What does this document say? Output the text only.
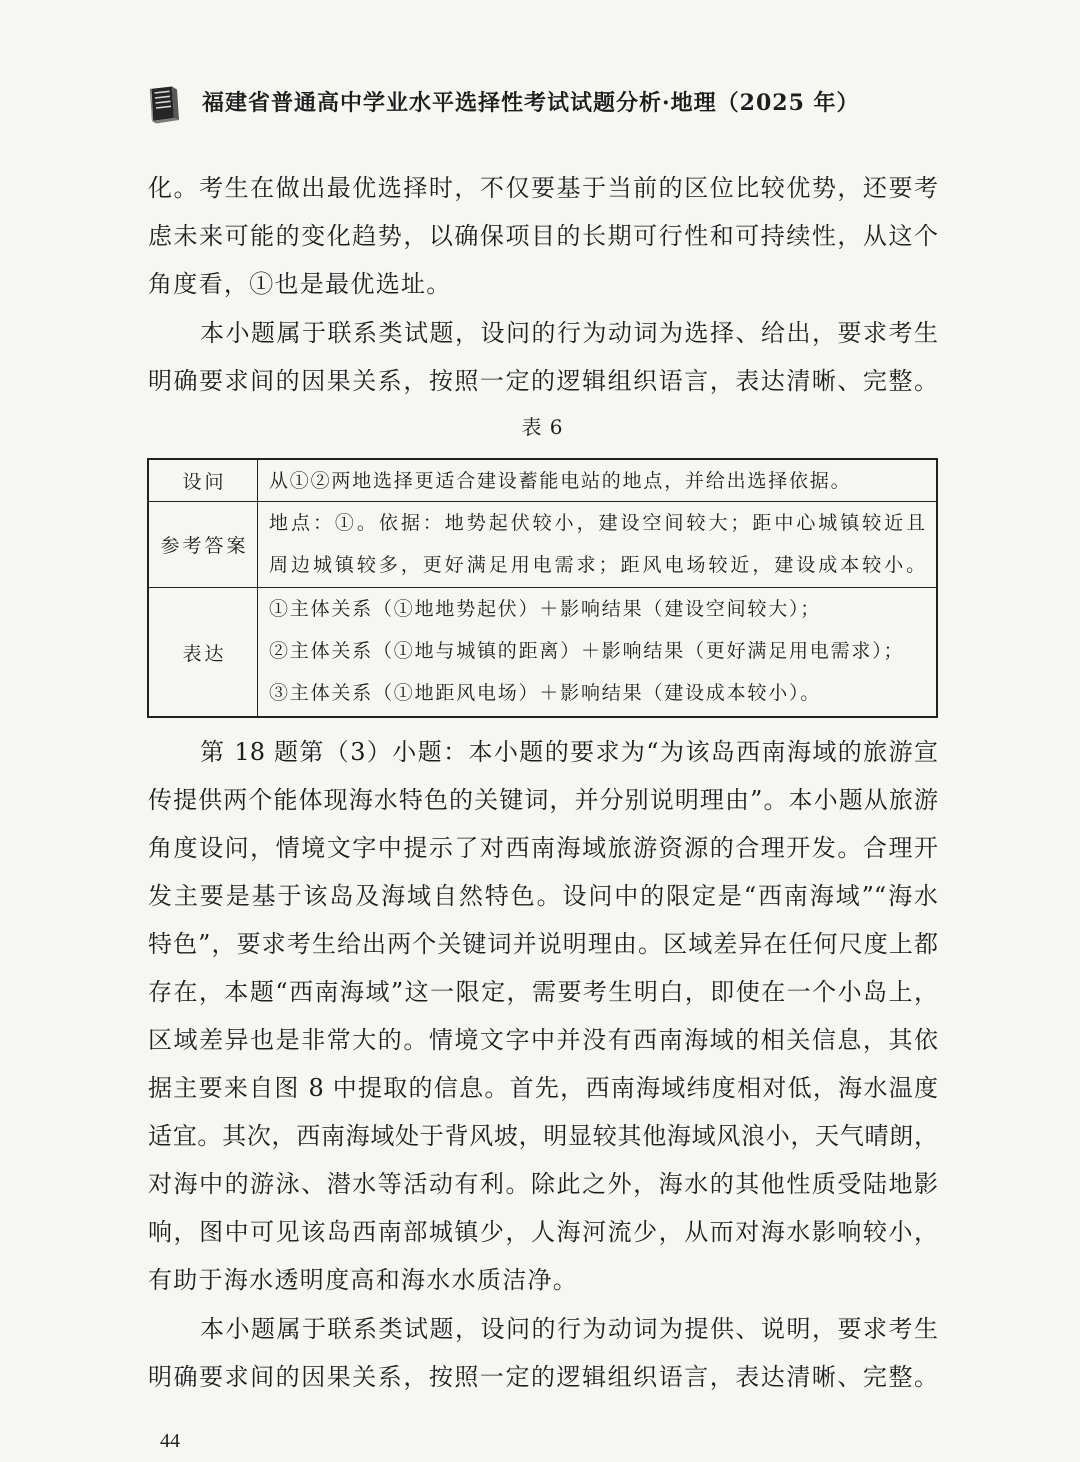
福建省普通高中学业水平选择性考试试题分析·地理（2025 年）
化。考生在做出最优选择时，不仅要基于当前的区位比较优势，还要考
虑未来可能的变化趋势，以确保项目的长期可行性和可持续性，从这个
角度看，①也是最优选址。
本小题属于联系类试题，设问的行为动词为选择、给出，要求考生
明确要求间的因果关系，按照一定的逻辑组织语言，表达清晰、完整。
表 6
设问	从①②两地选择更适合建设蓄能电站的地点，并给出选择依据。
参考答案
地点：①。依据：地势起伏较小，建设空间较大；距中心城镇较近且
周边城镇较多，更好满足用电需求；距风电场较近，建设成本较小。
表达
①主体关系（①地地势起伏）＋影响结果（建设空间较大）；
②主体关系（①地与城镇的距离）＋影响结果（更好满足用电需求）；
③主体关系（①地距风电场）＋影响结果（建设成本较小）。
第 18 题第（3）小题：本小题的要求为“为该岛西南海域的旅游宣
传提供两个能体现海水特色的关键词，并分别说明理由”。本小题从旅游
角度设问，情境文字中提示了对西南海域旅游资源的合理开发。合理开
发主要是基于该岛及海域自然特色。设问中的限定是“西南海域”“海水
特色”，要求考生给出两个关键词并说明理由。区域差异在任何尺度上都
存在，本题“西南海域”这一限定，需要考生明白，即使在一个小岛上，
区域差异也是非常大的。情境文字中并没有西南海域的相关信息，其依
据主要来自图 8 中提取的信息。首先，西南海域纬度相对低，海水温度
适宜。其次，西南海域处于背风坡，明显较其他海域风浪小，天气晴朗，
对海中的游泳、潜水等活动有利。除此之外，海水的其他性质受陆地影
响，图中可见该岛西南部城镇少，人海河流少，从而对海水影响较小，
有助于海水透明度高和海水水质洁净。
本小题属于联系类试题，设问的行为动词为提供、说明，要求考生
明确要求间的因果关系，按照一定的逻辑组织语言，表达清晰、完整。
44
